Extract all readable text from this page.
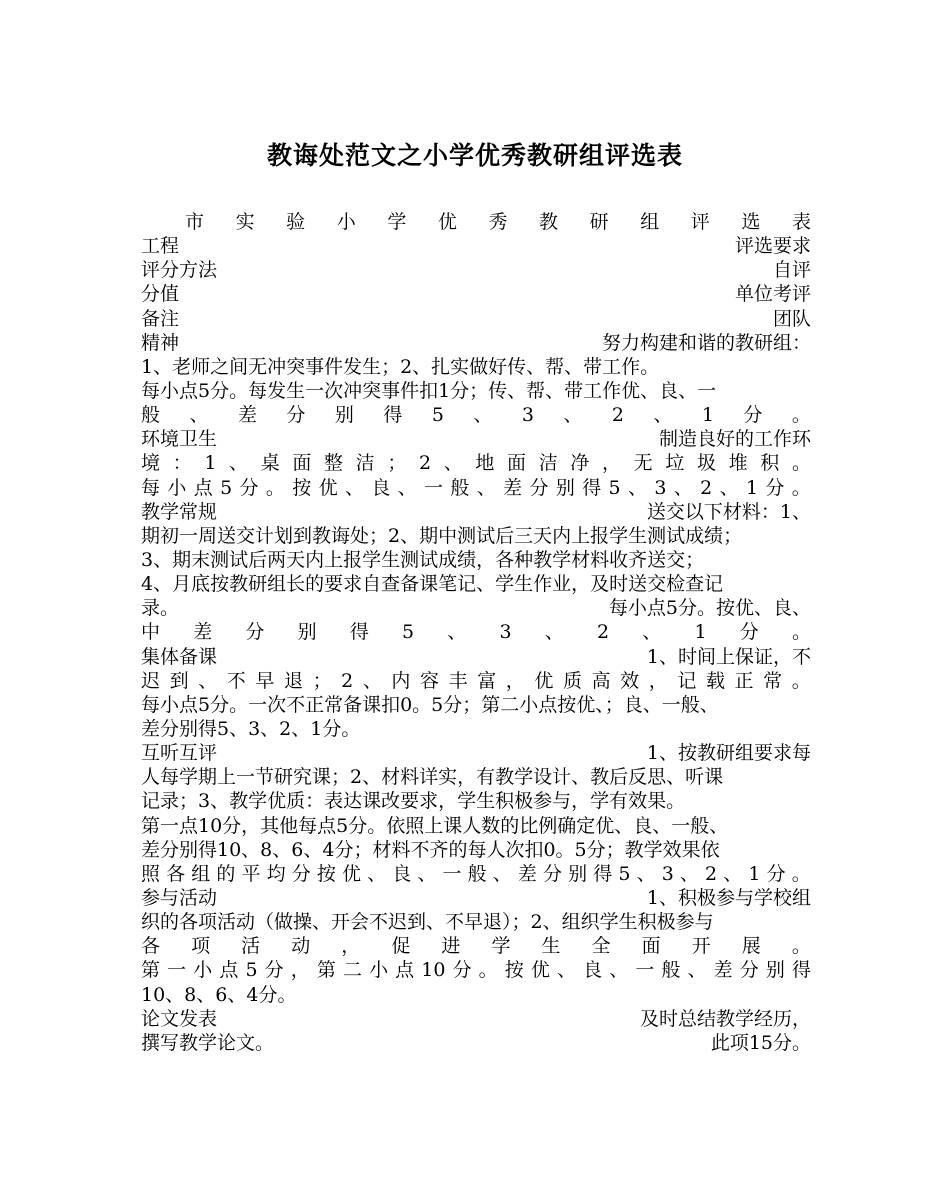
教诲处范文之小学优秀教研组评选表
市 实 验 小 学 优 秀 教 研 组 评 选 表
工程	评选要求
评分方法	自评
分值	单位考评
备注	团队
精神	努力构建和谐的教研组：
1、老师之间无冲突事件发生；2、扎实做好传、帮、带工作。
每小点5分。每发生一次冲突事件扣1分；传、帮、带工作优、良、一
般 、 差 分 别 得 5 、 3 、 2 、 1 分 。
环境卫生	制造良好的工作环
境 ： 1 、 桌 面 整 洁 ； 2 、 地 面 洁 净 ， 无 垃 圾 堆 积 。
每 小 点 5 分 。 按 优 、 良 、 一 般 、 差 分 别 得 5 、 3 、 2 、 1 分 。
教学常规	送交以下材料：1、
期初一周送交计划到教诲处；2、期中测试后三天内上报学生测试成绩；
3、期末测试后两天内上报学生测试成绩，各种教学材料收齐送交；
4、月底按教研组长的要求自查备课笔记、学生作业，及时送交检查记
录。	每小点5分。按优、良、
中 差 分 别 得 5 、 3 、 2 、 1 分 。
集体备课	1、时间上保证，不
迟 到 、 不 早 退 ； 2 、 内 容 丰 富 ， 优 质 高 效 ， 记 载 正 常 。
每小点5分。一次不正常备课扣0。5分；第二小点按优、；良、一般、
差分别得5、3、2、1分。
互听互评	1、按教研组要求每
人每学期上一节研究课；2、材料详实，有教学设计、教后反思、听课
记录；3、教学优质：表达课改要求，学生积极参与，学有效果。
第一点10分，其他每点5分。依照上课人数的比例确定优、良、一般、
差分别得10、8、6、4分；材料不齐的每人次扣0。5分；教学效果依
照 各 组 的 平 均 分 按 优 、 良 、 一 般 、 差 分 别 得 5 、 3 、 2 、 1 分 。
参与活动	1、积极参与学校组
织的各项活动（做操、开会不迟到、不早退）；2、组织学生积极参与
各 项 活 动 ， 促 进 学 生 全 面 开 展 。
第 一 小 点 5 分 ， 第 二 小 点 10 分 。 按 优 、 良 、 一 般 、 差 分 别 得
10、8、6、4分。
论文发表	及时总结教学经历，
撰写教学论文。	此项15分。
